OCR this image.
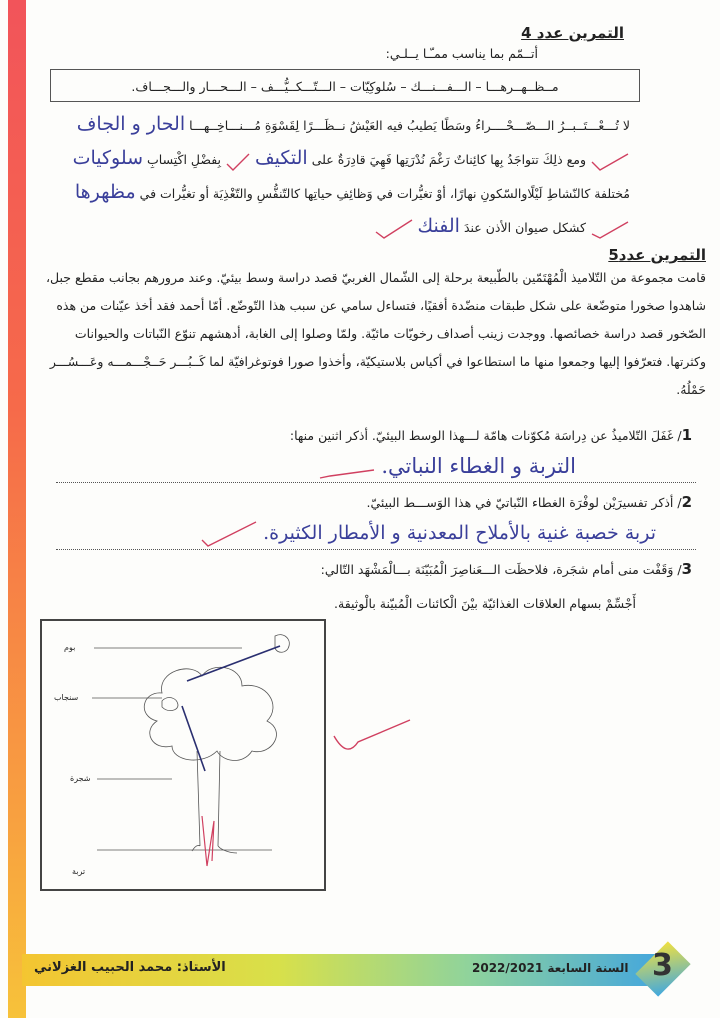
التمرين عدد 4
أتــمّم بما يناسب ممـّـا يــلـي:
مــظــهــرهـــا – الـــفـــنـــك – سُلوكِيّات – الـــتّـــكــيُّـــف – الـــحـــار والـــجـــاف.

لا تُـــعْـــتَــبــرُ الـــصّـــحْــــراءُ وسَطًا يَطيبُ فيه العَيْشُ نــظَـــرًا لِقَسْوَةِ مُـــنـــاخِــهـــا الحار و الجاف  ومع ذلِكَ تتواجَدُ بِها كائِناتٌ رَغْمَ نُدْرَتِها فَهِيَ قادِرَةٌ على التكيف  بِفضْلِ اكْتِسابِ سلوكيات مُختلفة كالنّشاطِ لَيْلًاوالسّكونِ نهارًا، أوْ تغيُّرات في وَظائِفِ حياتِها كالتّنفُّسِ والتّغْذِيَة أو تغيُّرات في مظهرها  كشكل صيوان الأذن عندَ الفنك

التمرين عدد5

قامت مجموعة من التّلاميذ الْمُهْتَمّين بالطّبيعة برحلة إلى الشّمال الغربيّ قصد دراسة وسط بيئيّ. وعند مرورهم بجانب مقطع جبل، شاهدوا صخورا متوضّعة على شكل طبقات منضّدة أفقيًا، فتساءل سامي عن سبب هذا التّوضّع. أمّا أحمد فقد أخذ عيّنات من هذه الصّخور قصد دراسة خصائصها. ووجدت زينب أصداف رخويّات مائيّة. ولمّا وصلوا إلى الغابة، أدهشهم تنوّع النّباتات والحيوانات وكثرتها. فتعرّفوا إليها وجمعوا منها ما استطاعوا في أكياس بلاستيكيّة، وأخذوا صورا فوتوغرافيّة لما كَــبُـــر حَــجْـــمـــه وعَـــسُـــر حَمْلُهُ.

1/ غَفَلَ التّلاميذُ عن دِراسَة مُكوّنات هامّة لـــهذا الوسط البيئيّ. أذكر اثنين منها:
التربة و الغطاء النباتي.
2/ أذكر تفسيرَيْن لوفْرَة الغطاء النّباتيّ في هذا الوَســـط البيئيّ.
تربة خصبة غنية بالأملاح المعدنية و الأمطار الكثيرة.
3/ وَقَفْت منى أمام شجَرة، فلاحظَت الـــعَناصِرَ الْمُبَيّنَة بـــالْمَشْهَد التّالي:
أَجْسِّمْ بسهام العلاقات الغذائيّة بيْنَ الْكائنات الْمُبيّنة بالْوثيقة.
بوم
سنجاب
شجرة
تربة
الأستاذ: محمد الحبيب الغزلاني	السنة السابعة 2022/2021 3
